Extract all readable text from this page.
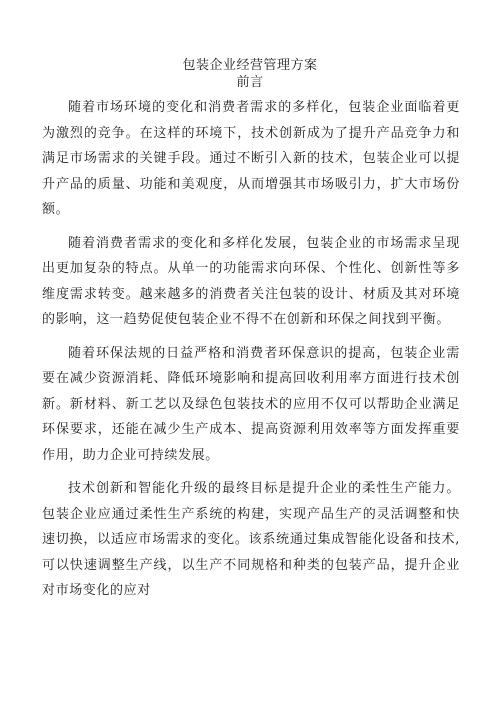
包装企业经营管理方案
前言

随着市场环境的变化和消费者需求的多样化，包装企业面临着更为激烈的竞争。在这样的环境下，技术创新成为了提升产品竞争力和满足市场需求的关键手段。通过不断引入新的技术，包装企业可以提升产品的质量、功能和美观度，从而增强其市场吸引力，扩大市场份额。

随着消费者需求的变化和多样化发展，包装企业的市场需求呈现出更加复杂的特点。从单一的功能需求向环保、个性化、创新性等多维度需求转变。越来越多的消费者关注包装的设计、材质及其对环境的影响，这一趋势促使包装企业不得不在创新和环保之间找到平衡。

随着环保法规的日益严格和消费者环保意识的提高，包装企业需要在减少资源消耗、降低环境影响和提高回收利用率方面进行技术创新。新材料、新工艺以及绿色包装技术的应用不仅可以帮助企业满足环保要求，还能在减少生产成本、提高资源利用效率等方面发挥重要作用，助力企业可持续发展。

技术创新和智能化升级的最终目标是提升企业的柔性生产能力。包装企业应通过柔性生产系统的构建，实现产品生产的灵活调整和快速切换，以适应市场需求的变化。该系统通过集成智能化设备和技术,可以快速调整生产线，以生产不同规格和种类的包装产品，提升企业对市场变化的应对
